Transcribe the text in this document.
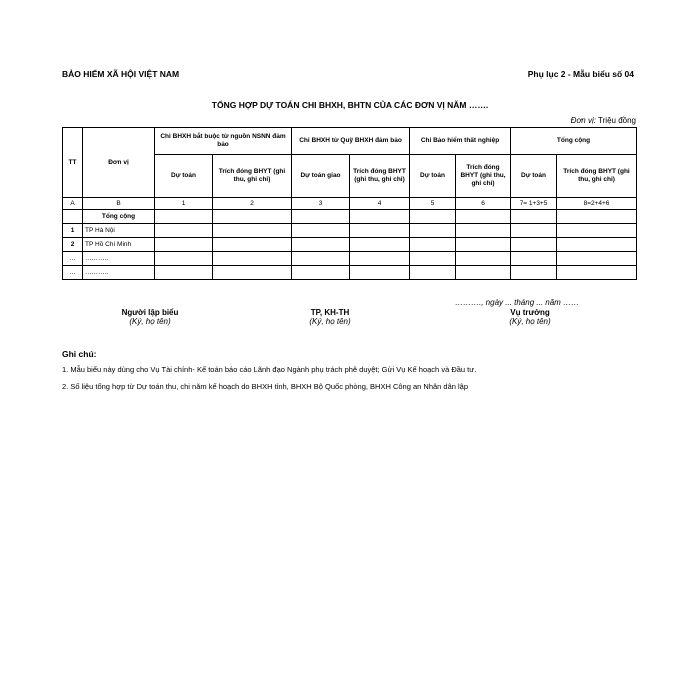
BẢO HIỂM XÃ HỘI VIỆT NAM	Phụ lục 2 - Mẫu biểu số 04
TỔNG HỢP DỰ TOÁN CHI BHXH, BHTN CỦA CÁC ĐƠN VỊ NĂM …….
Đơn vị: Triệu đồng
TT	Đơn vị	Chi BHXH bắt buộc từ nguồn NSNN đảm bảo		Chi BHXH từ Quỹ BHXH đảm bảo		Chi Bảo hiểm thất nghiệp		Tổng cộng	
		Dự toán	Trích đóng BHYT (ghi thu, ghi chi)	Dự toán giao	Trích đóng BHYT (ghi thu, ghi chi)	Dự toán	Trích đóng BHYT (ghi thu, ghi chi)	Dự toán	Trích đóng BHYT (ghi thu, ghi chi)
A	B	1	2	3	4	5	6	7= 1+3+5	8=2+4+6
	Tổng cộng								
1	TP Hà Nội								
2	TP Hồ Chí Minh								
…	………..								
…	………..								
………., ngày ... tháng ... năm ……
Người lập biểu
(Ký, họ tên)
TP, KH-TH
(Ký, họ tên)
Vụ trưởng
(Ký, họ tên)
Ghi chú:
1. Mẫu biểu này dùng cho Vụ Tài chính- Kế toán báo cáo Lãnh đạo Ngành phụ trách phê duyệt; Gửi Vụ Kế hoạch và Đầu tư.
2. Số liệu tổng hợp từ Dự toán thu, chi năm kế hoạch do BHXH tỉnh, BHXH Bộ Quốc phòng, BHXH Công an Nhân dân lập
